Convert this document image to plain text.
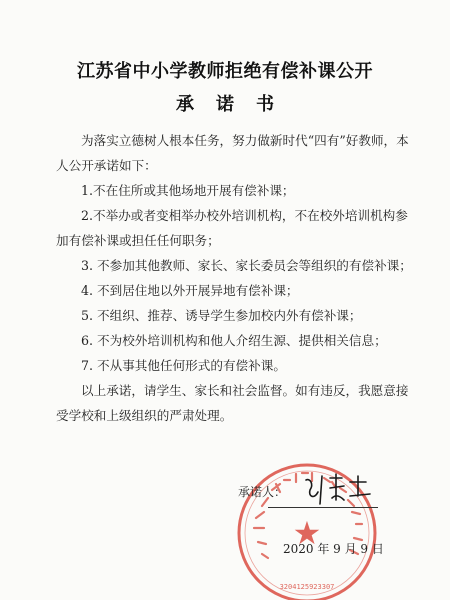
江苏省中小学教师拒绝有偿补课公开
承诺书

为落实立德树人根本任务，努力做新时代“四有”好教师，本人公开承诺如下：

1.不在住所或其他场地开展有偿补课；

2.不举办或者变相举办校外培训机构，不在校外培训机构参加有偿补课或担任任何职务；

3. 不参加其他教师、家长、家长委员会等组织的有偿补课；

4. 不到居住地以外开展异地有偿补课；

5. 不组织、推荐、诱导学生参加校内外有偿补课；

6. 不为校外培训机构和他人介绍生源、提供相关信息；

7. 不从事其他任何形式的有偿补课。

以上承诺，请学生、家长和社会监督。如有违反，我愿意接受学校和上级组织的严肃处理。

★
3204125923307
承诺人：
2020 年 9 月 9 日
